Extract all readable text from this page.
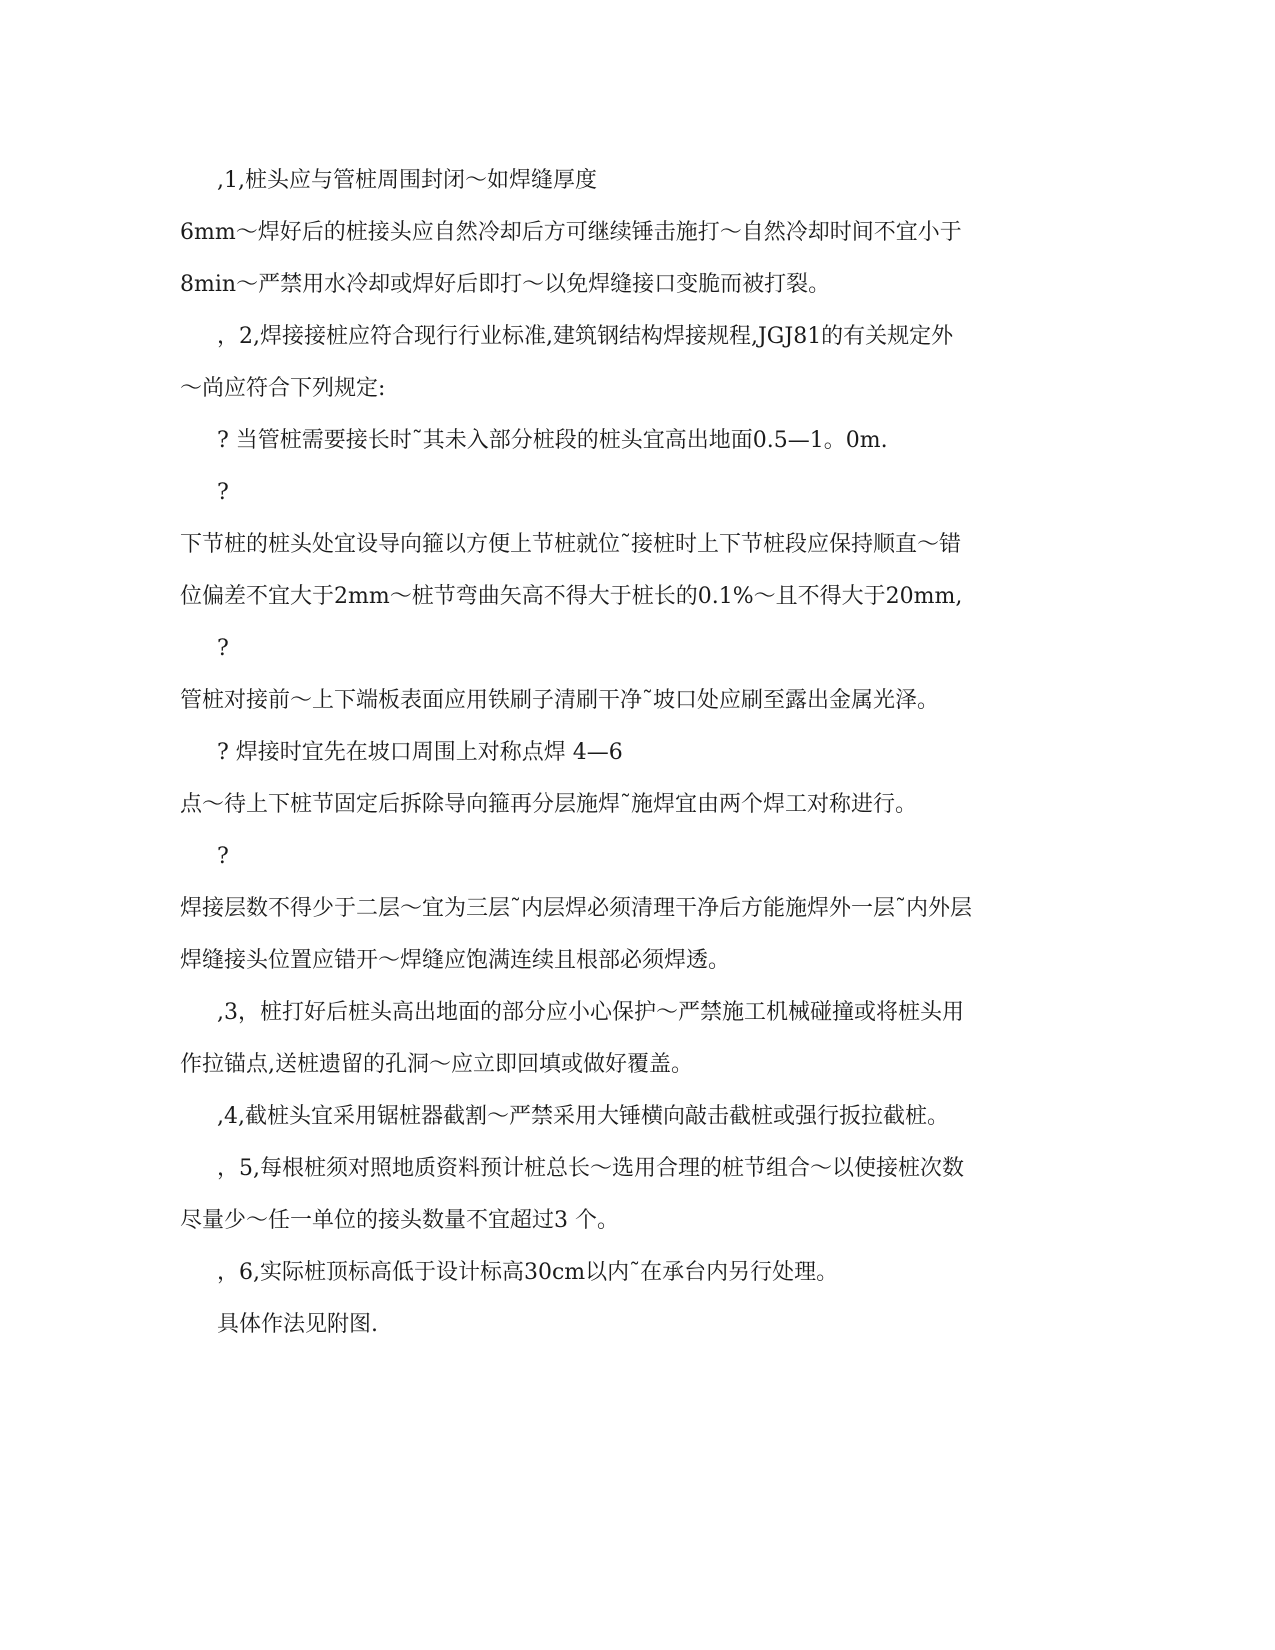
,1,桩头应与管桩周围封闭～如焊缝厚度
6mm～焊好后的桩接头应自然冷却后方可继续锤击施打～自然冷却时间不宜小于
8min～严禁用水冷却或焊好后即打～以免焊缝接口变脆而被打裂。
，2,焊接接桩应符合现行行业标准,建筑钢结构焊接规程,JGJ81的有关规定外
～尚应符合下列规定:
? 当管桩需要接长时˜其未入部分桩段的桩头宜高出地面0.5—1。0m.
?
下节桩的桩头处宜设导向箍以方便上节桩就位˜接桩时上下节桩段应保持顺直～错
位偏差不宜大于2mm～桩节弯曲矢高不得大于桩长的0.1%～且不得大于20mm,
?
管桩对接前～上下端板表面应用铁刷子清刷干净˜坡口处应刷至露出金属光泽。
? 焊接时宜先在坡口周围上对称点焊 4—6
点～待上下桩节固定后拆除导向箍再分层施焊˜施焊宜由两个焊工对称进行。
?
焊接层数不得少于二层～宜为三层˜内层焊必须清理干净后方能施焊外一层˜内外层
焊缝接头位置应错开～焊缝应饱满连续且根部必须焊透。
,3，桩打好后桩头高出地面的部分应小心保护～严禁施工机械碰撞或将桩头用
作拉锚点,送桩遗留的孔洞～应立即回填或做好覆盖。
,4,截桩头宜采用锯桩器截割～严禁采用大锤横向敲击截桩或强行扳拉截桩。
，5,每根桩须对照地质资料预计桩总长～选用合理的桩节组合～以使接桩次数
尽量少～任一单位的接头数量不宜超过3 个。
，6,实际桩顶标高低于设计标高30cm以内˜在承台内另行处理。
具体作法见附图.
